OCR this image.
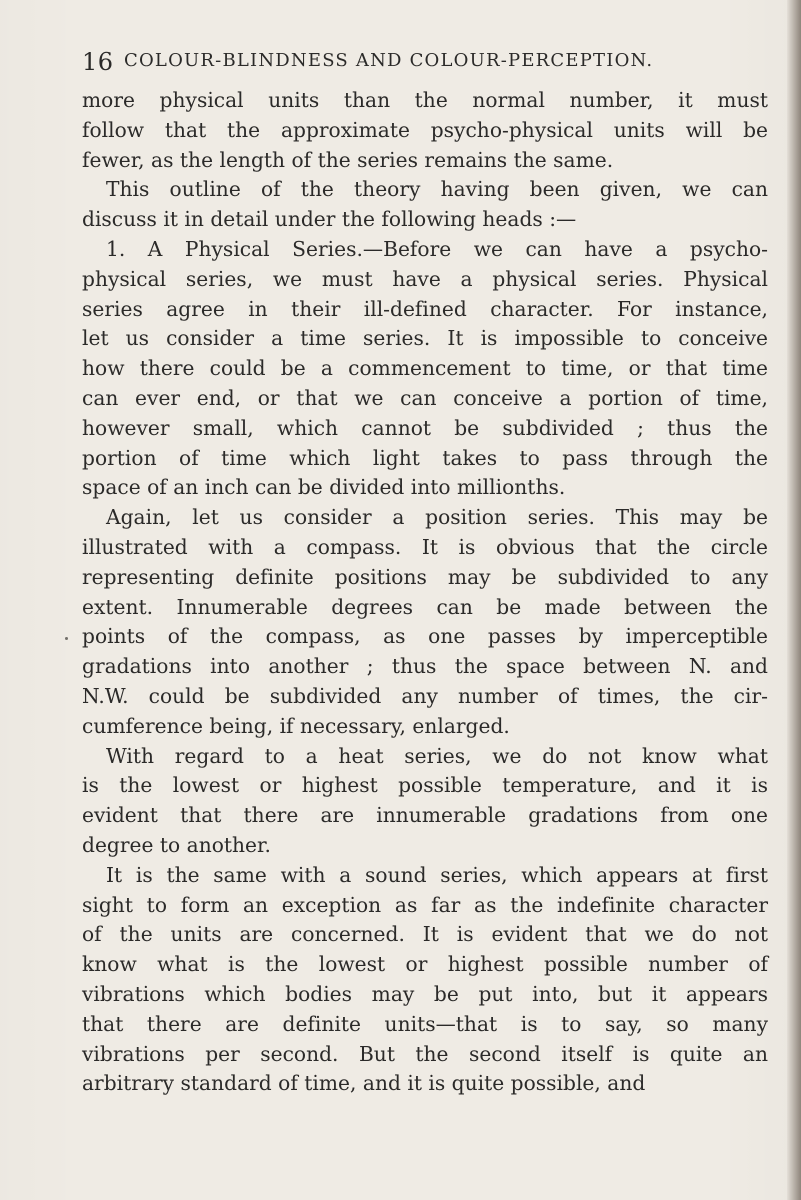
16 COLOUR-BLINDNESS AND COLOUR-PERCEPTION.
more physical units than the normal number, it must
follow that the approximate psycho-physical units will be
fewer, as the length of the series remains the same.
This outline of the theory having been given, we can
discuss it in detail under the following heads :—
1. A Physical Series.—Before we can have a psycho-
physical series, we must have a physical series. Physical
series agree in their ill-defined character. For instance,
let us consider a time series. It is impossible to conceive
how there could be a commencement to time, or that time
can ever end, or that we can conceive a portion of time,
however small, which cannot be subdivided ; thus the
portion of time which light takes to pass through the
space of an inch can be divided into millionths.
Again, let us consider a position series. This may be
illustrated with a compass. It is obvious that the circle
representing definite positions may be subdivided to any
extent. Innumerable degrees can be made between the
points of the compass, as one passes by imperceptible
gradations into another ; thus the space between N. and
N.W. could be subdivided any number of times, the cir-
cumference being, if necessary, enlarged.
With regard to a heat series, we do not know what
is the lowest or highest possible temperature, and it is
evident that there are innumerable gradations from one
degree to another.
It is the same with a sound series, which appears at first
sight to form an exception as far as the indefinite character
of the units are concerned. It is evident that we do not
know what is the lowest or highest possible number of
vibrations which bodies may be put into, but it appears
that there are definite units—that is to say, so many
vibrations per second. But the second itself is quite an
arbitrary standard of time, and it is quite possible, and
